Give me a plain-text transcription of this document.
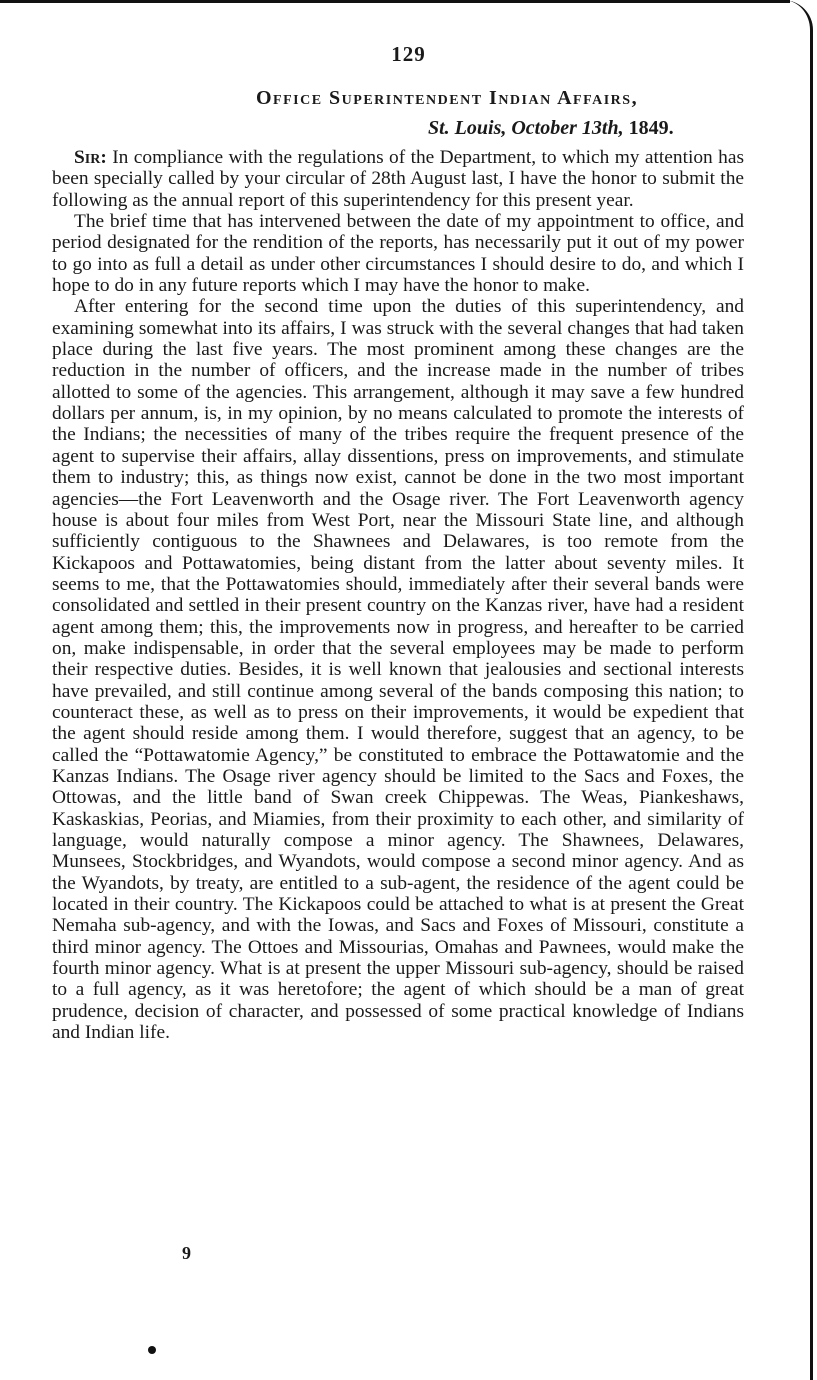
129
Office Superintendent Indian Affairs,
St. Louis, October 13th, 1849.

Sir: In compliance with the regulations of the Department, to which my attention has been specially called by your circular of 28th August last, I have the honor to submit the following as the annual report of this superintendency for this present year.

The brief time that has intervened between the date of my appointment to office, and period designated for the rendition of the reports, has necessarily put it out of my power to go into as full a detail as under other circumstances I should desire to do, and which I hope to do in any future reports which I may have the honor to make.

After entering for the second time upon the duties of this superintendency, and examining somewhat into its affairs, I was struck with the several changes that had taken place during the last five years. The most prominent among these changes are the reduction in the number of officers, and the increase made in the number of tribes allotted to some of the agencies. This arrangement, although it may save a few hundred dollars per annum, is, in my opinion, by no means calculated to promote the interests of the Indians; the necessities of many of the tribes require the frequent presence of the agent to supervise their affairs, allay dissentions, press on improvements, and stimulate them to industry; this, as things now exist, cannot be done in the two most important agencies—the Fort Leavenworth and the Osage river. The Fort Leavenworth agency house is about four miles from West Port, near the Missouri State line, and although sufficiently contiguous to the Shawnees and Delawares, is too remote from the Kickapoos and Pottawatomies, being distant from the latter about seventy miles. It seems to me, that the Pottawatomies should, immediately after their several bands were consolidated and settled in their present country on the Kanzas river, have had a resident agent among them; this, the improvements now in progress, and hereafter to be carried on, make indispensable, in order that the several employees may be made to perform their respective duties. Besides, it is well known that jealousies and sectional interests have prevailed, and still continue among several of the bands composing this nation; to counteract these, as well as to press on their improvements, it would be expedient that the agent should reside among them. I would therefore, suggest that an agency, to be called the “Pottawatomie Agency,” be constituted to embrace the Pottawatomie and the Kanzas Indians. The Osage river agency should be limited to the Sacs and Foxes, the Ottowas, and the little band of Swan creek Chippewas. The Weas, Piankeshaws, Kaskaskias, Peorias, and Miamies, from their proximity to each other, and similarity of language, would naturally compose a minor agency. The Shawnees, Delawares, Munsees, Stockbridges, and Wyandots, would compose a second minor agency. And as the Wyandots, by treaty, are entitled to a sub-agent, the residence of the agent could be located in their country. The Kickapoos could be attached to what is at present the Great Nemaha sub-agency, and with the Iowas, and Sacs and Foxes of Missouri, constitute a third minor agency. The Ottoes and Missourias, Omahas and Pawnees, would make the fourth minor agency. What is at present the upper Missouri sub-agency, should be raised to a full agency, as it was heretofore; the agent of which should be a man of great prudence, decision of character, and possessed of some practical knowledge of Indians and Indian life.

9
